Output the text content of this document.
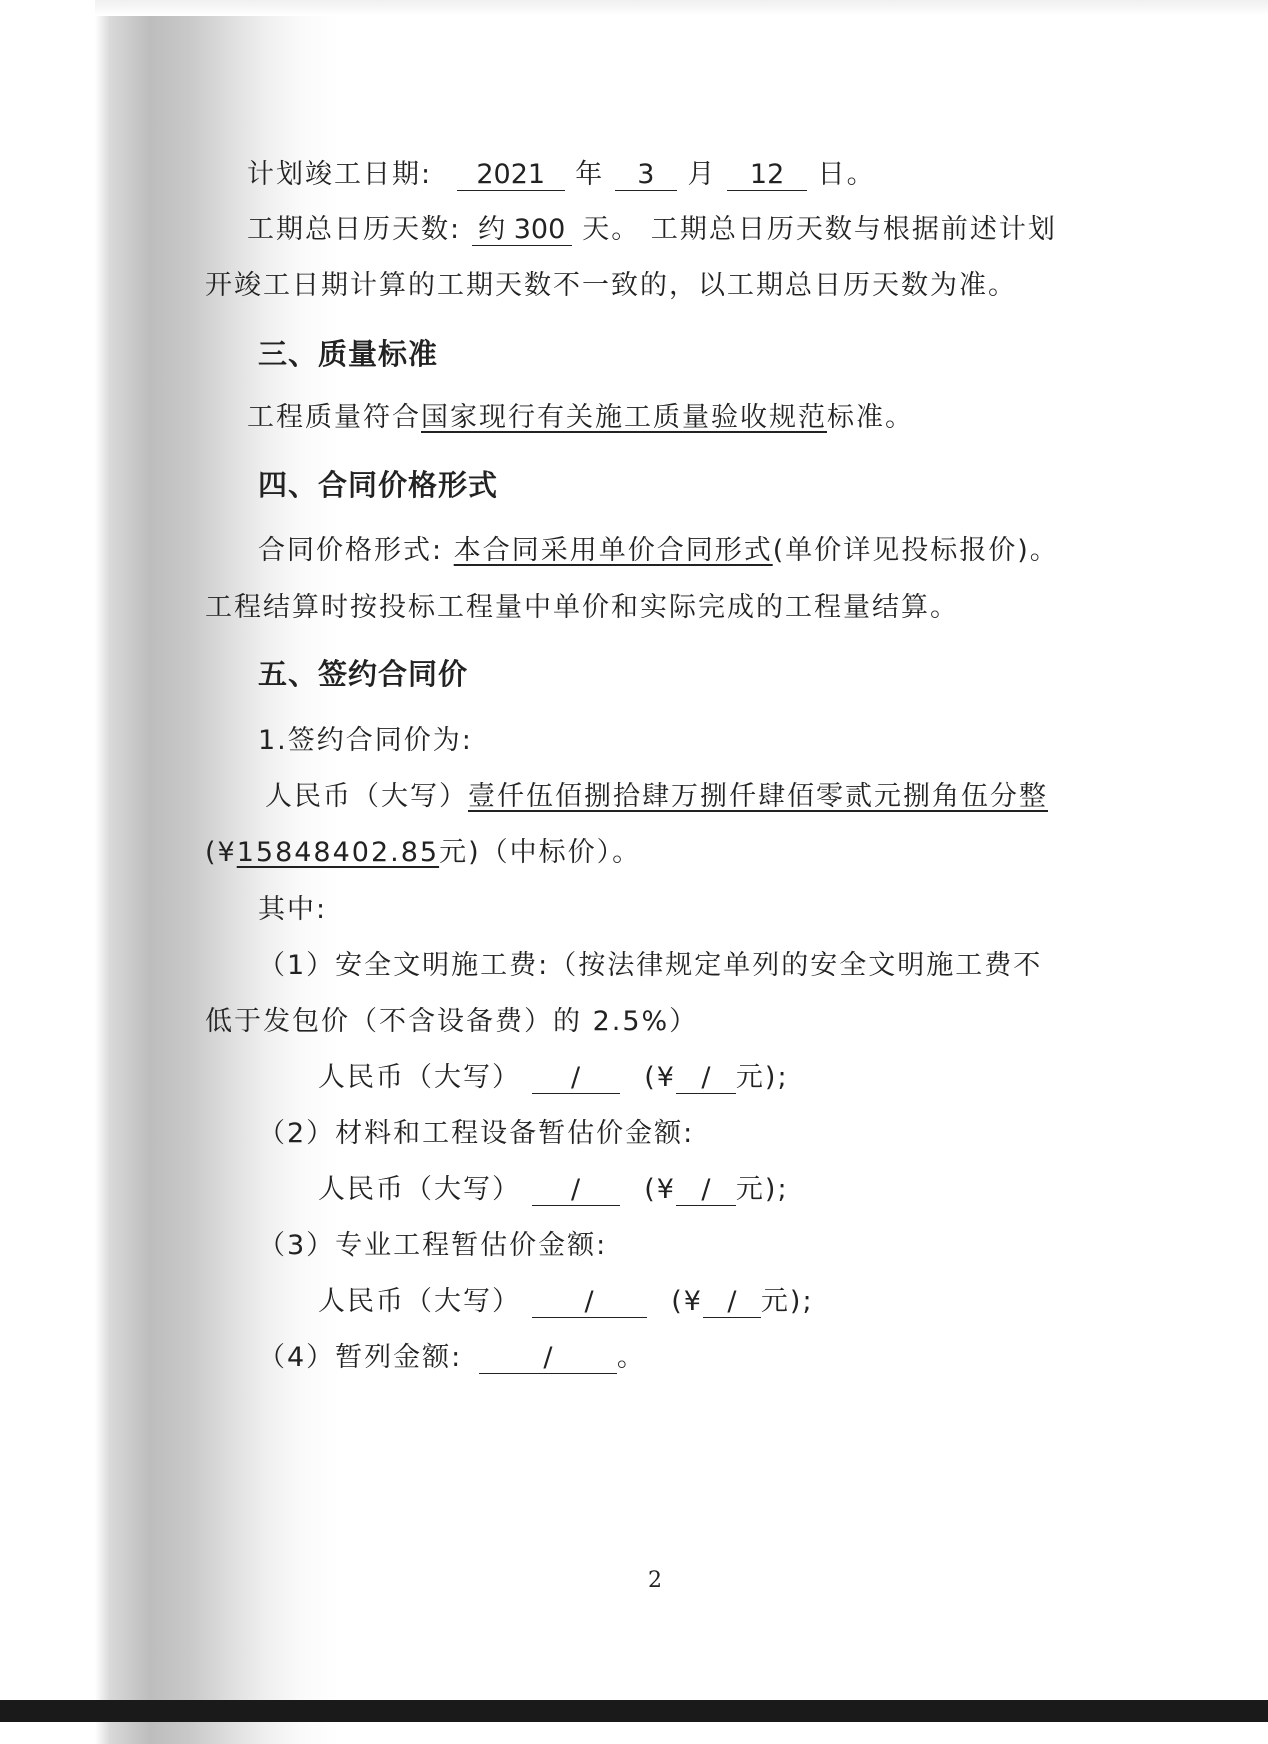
计划竣工日期: 2021 年 3 月 12 日。
工期总日历天数: 约 300 天。 工期总日历天数与根据前述计划
开竣工日期计算的工期天数不一致的，以工期总日历天数为准。
三、质量标准
工程质量符合国家现行有关施工质量验收规范标准。
四、合同价格形式
合同价格形式: 本合同采用单价合同形式(单价详见投标报价)。
工程结算时按投标工程量中单价和实际完成的工程量结算。
五、签约合同价
1.签约合同价为:
人民币（大写）壹仟伍佰捌拾肆万捌仟肆佰零贰元捌角伍分整
(¥15848402.85元)（中标价）。
其中:
（1）安全文明施工费:（按法律规定单列的安全文明施工费不
低于发包价（不含设备费）的 2.5%）
人民币（大写） / (¥ / 元);
（2）材料和工程设备暂估价金额:
人民币（大写） / (¥ / 元);
（3）专业工程暂估价金额:
人民币（大写） /	(¥ / 元);
（4）暂列金额:	/ 。
2
